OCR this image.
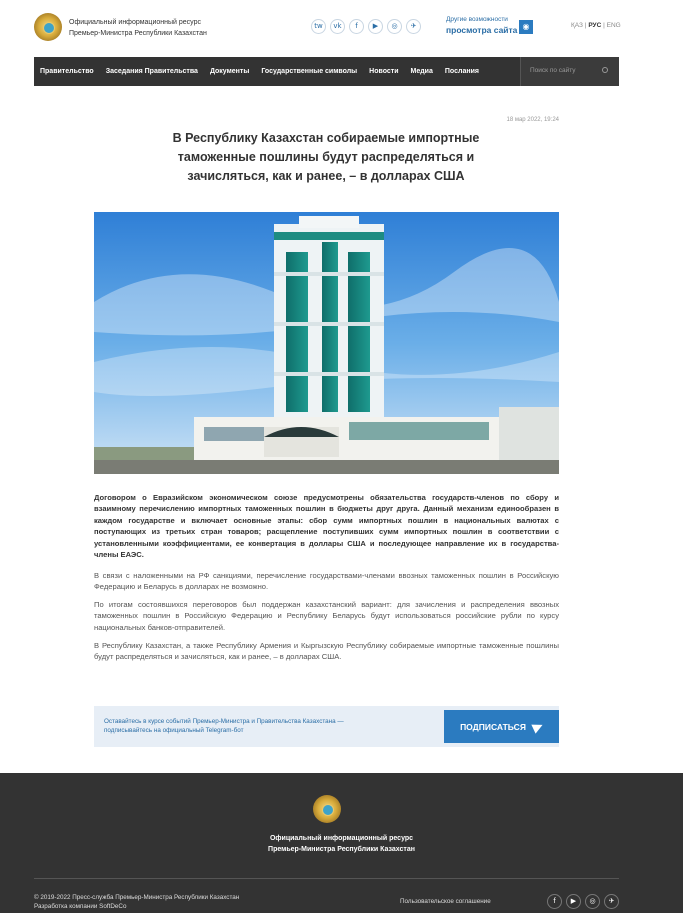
Официальный информационный ресурс
Премьер-Министра Республики Казахстан
tw	vk	f	▶	◎	✈
Другие возможности
просмотра сайта ◉	ҚАЗ | РУС | ENG
Правительство	Заседания Правительства	Документы	Государственные символы	Новости	Медиа	Послания	Поиск по сайту
18 мар 2022, 19:24
В Республику Казахстан собираемые импортные таможенные пошлины будут распределяться и зачисляться, как и ранее, – в долларах США
Договором о Евразийском экономическом союзе предусмотрены обязательства государств-членов по сбору и взаимному перечислению импортных таможенных пошлин в бюджеты друг друга. Данный механизм единообразен в каждом государстве и включает основные этапы: сбор сумм импортных пошлин в национальных валютах с поступающих из третьих стран товаров; расщепление поступивших сумм импортных пошлин в соответствии с установленными коэффициентами, ее конвертация в доллары США и последующее направление их в государства-члены ЕАЭС.
В связи с наложенными на РФ санкциями, перечисление государствами-членами ввозных таможенных пошлин в Российскую Федерацию и Беларусь в долларах не возможно.
По итогам состоявшихся переговоров был поддержан казахстанский вариант: для зачисления и распределения ввозных таможенных пошлин в Российскую Федерацию и Республику Беларусь будут использоваться российские рубли по курсу национальных банков-отправителей.
В Республику Казахстан, а также Республику Армения и Кыргызскую Республику собираемые импортные таможенные пошлины будут распределяться и зачисляться, как и ранее, – в долларах США.
Оставайтесь в курсе событий Премьер-Министра и Правительства Казахстана —
подписывайтесь на официальный Telegram-бот	ПОДПИСАТЬСЯ
Официальный информационный ресурс
Премьер-Министра Республики Казахстан
© 2019-2022 Пресс-служба Премьер-Министра Республики Казахстан
Разработка компании SoftDeCo
Пользовательское соглашение	f	▶	◎	✈
